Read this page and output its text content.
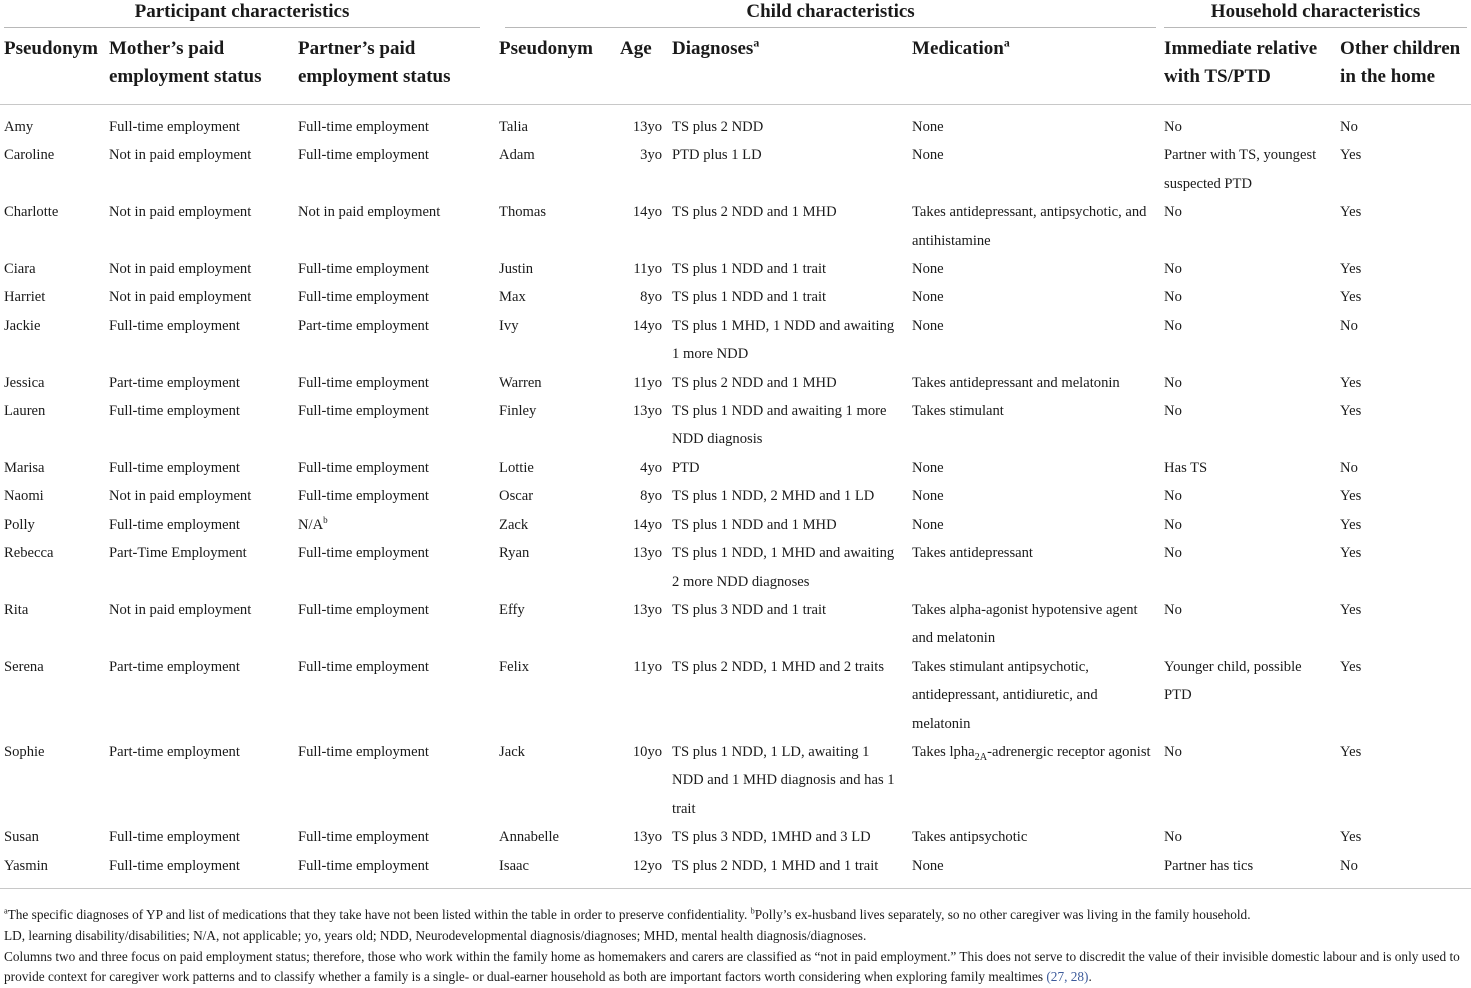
Participant characteristics				Child characteristics				Household characteristics	

Pseudonym	Mother’s paid employment status	Partner’s paid employment status		Pseudonym	Age	Diagnoses$^a$	Medication$^a$	Immediate relative with TS/PTD	Other children in the home
Amy	Full-time employment	Full-time employment		Talia	13yo	TS plus 2 NDD	None	No	No
Caroline	Not in paid employment	Full-time employment		Adam	3yo	PTD plus 1 LD	None	Partner with TS, youngest suspected PTD	Yes
Charlotte	Not in paid employment	Not in paid employment		Thomas	14yo	TS plus 2 NDD and 1 MHD	Takes antidepressant, antipsychotic, and antihistamine	No	Yes
Ciara	Not in paid employment	Full-time employment		Justin	11yo	TS plus 1 NDD and 1 trait	None	No	Yes
Harriet	Not in paid employment	Full-time employment		Max	8yo	TS plus 1 NDD and 1 trait	None	No	Yes
Jackie	Full-time employment	Part-time employment		Ivy	14yo	TS plus 1 MHD, 1 NDD and awaiting 1 more NDD	None	No	No
Jessica	Part-time employment	Full-time employment		Warren	11yo	TS plus 2 NDD and 1 MHD	Takes antidepressant and melatonin	No	Yes
Lauren	Full-time employment	Full-time employment		Finley	13yo	TS plus 1 NDD and awaiting 1 more NDD diagnosis	Takes stimulant	No	Yes
Marisa	Full-time employment	Full-time employment		Lottie	4yo	PTD	None	Has TS	No
Naomi	Not in paid employment	Full-time employment		Oscar	8yo	TS plus 1 NDD, 2 MHD and 1 LD	None	No	Yes
Polly	Full-time employment	$N/A^b$		Zack	14yo	TS plus 1 NDD and 1 MHD	None	No	Yes
Rebecca	Part-Time Employment	Full-time employment		Ryan	13yo	TS plus 1 NDD, 1 MHD and awaiting 2 more NDD diagnoses	Takes antidepressant	No	Yes
Rita	Not in paid employment	Full-time employment		Effy	13yo	TS plus 3 NDD and 1 trait	Takes alpha-agonist hypotensive agent and melatonin	No	Yes
Serena	Part-time employment	Full-time employment		Felix	11yo	TS plus 2 NDD, 1 MHD and 2 traits	Takes stimulant antipsychotic, antidepressant, antidiuretic, and melatonin	Younger child, possible PTD	Yes
Sophie	Part-time employment	Full-time employment		Jack	10yo	TS plus 1 NDD, 1 LD, awaiting 1 NDD and 1 MHD diagnosis and has 1 trait	Takes lpha$_{2A}$-adrenergic receptor agonist	No	Yes
Susan	Full-time employment	Full-time employment		Annabelle	13yo	TS plus 3 NDD, 1MHD and 3 LD	Takes antipsychotic	No	Yes
Yasmin	Full-time employment	Full-time employment		Isaac	12yo	TS plus 2 NDD, 1 MHD and 1 trait	None	Partner has tics	No

$^a$The specific diagnoses of YP and list of medications that they take have not been listed within the table in order to preserve confidentiality. $^b$Polly’s ex-husband lives separately, so no other caregiver was living in the family household.

LD, learning disability/disabilities; N/A, not applicable; yo, years old; NDD, Neurodevelopmental diagnosis/diagnoses; MHD, mental health diagnosis/diagnoses.

Columns two and three focus on paid employment status; therefore, those who work within the family home as homemakers and carers are classified as “not in paid employment.” This does not serve to discredit the value of their invisible domestic labour and is only used to provide context for caregiver work patterns and to classify whether a family is a single- or dual-earner household as both are important factors worth considering when exploring family mealtimes (27, 28).
